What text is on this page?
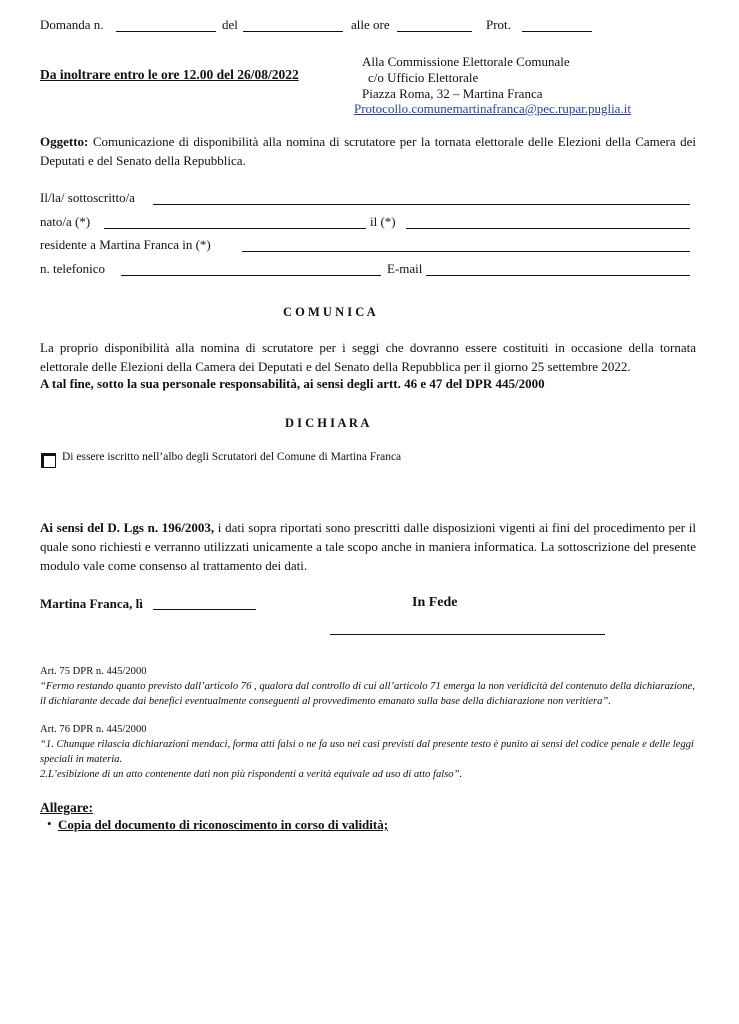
Domanda n.	del	alle ore	Prot.
Da inoltrare entro le ore 12.00 del 26/08/2022
Alla Commissione Elettorale Comunale
c/o Ufficio Elettorale
Piazza Roma, 32 – Martina Franca
Protocollo.comunemartinafranca@pec.rupar.puglia.it
Oggetto: Comunicazione di disponibilità alla nomina di scrutatore per la tornata elettorale delle Elezioni della Camera dei Deputati e del Senato della Repubblica.
Il/la/ sottoscritto/a
nato/a (*)	il (*)
residente a Martina Franca in (*)
n. telefonico	E-mail
C O M U N I C A
La proprio disponibilità alla nomina di scrutatore per i seggi che dovranno essere costituiti in occasione della tornata elettorale delle Elezioni della Camera dei Deputati e del Senato della Repubblica per il giorno 25 settembre 2022.
A tal fine, sotto la sua personale responsabilità, ai sensi degli artt. 46 e 47 del DPR 445/2000
D I C H I A R A
Di essere iscritto nell’albo degli Scrutatori del Comune di Martina Franca
Ai sensi del D. Lgs n. 196/2003, i dati sopra riportati sono prescritti dalle disposizioni vigenti ai fini del procedimento per il quale sono richiesti e verranno utilizzati unicamente a tale scopo anche in maniera informatica. La sottoscrizione del presente modulo vale come consenso al trattamento dei dati.
Martina Franca, lì	In Fede
Art. 75 DPR n. 445/2000
“Fermo restando quanto previsto dall’articolo 76 , qualora dal controllo di cui all’articolo 71 emerga la non veridicità del contenuto della dichiarazione, il dichiarante decade dai benefici eventualmente conseguenti al provvedimento emanato sulla base della dichiarazione non veritiera”.
Art. 76 DPR n. 445/2000
“1. Chunque rilascia dichiarazioni mendaci, forma atti falsi o ne fa uso nei casi previsti dal presente testo è punito ai sensi del codice penale e delle leggi speciali in materia.
2.L’esibizione di un atto contenente dati non più rispondenti a verità equivale ad uso di atto falso”.
Allegare:
• Copia del documento di riconoscimento in corso di validità;
